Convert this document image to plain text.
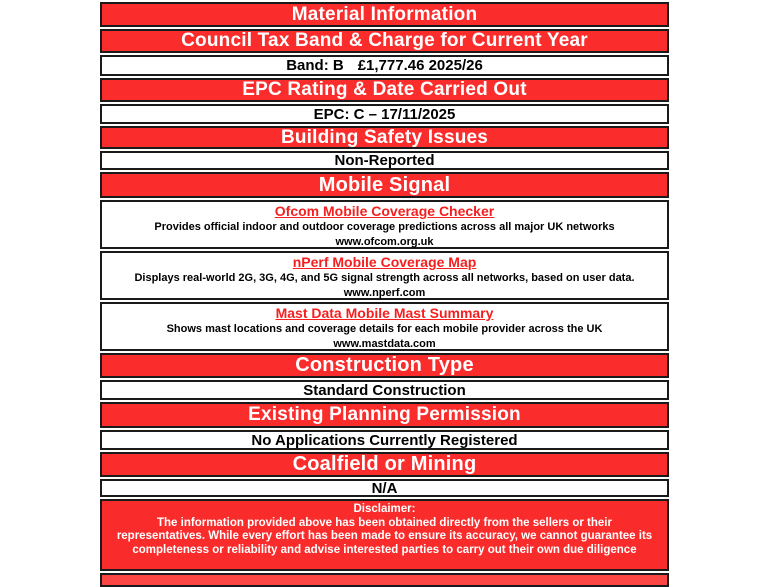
Material Information
Council Tax Band & Charge for Current Year
Band: B £1,777.46 2025/26
EPC Rating & Date Carried Out
EPC: C – 17/11/2025
Building Safety Issues
Non-Reported
Mobile Signal
Ofcom Mobile Coverage Checker
Provides official indoor and outdoor coverage predictions across all major UK networks
www.ofcom.org.uk
nPerf Mobile Coverage Map
Displays real-world 2G, 3G, 4G, and 5G signal strength across all networks, based on user data.
www.nperf.com
Mast Data Mobile Mast Summary
Shows mast locations and coverage details for each mobile provider across the UK
www.mastdata.com
Construction Type
Standard Construction
Existing Planning Permission
No Applications Currently Registered
Coalfield or Mining
N/A
Disclaimer:
The information provided above has been obtained directly from the sellers or their representatives. While every effort has been made to ensure its accuracy, we cannot guarantee its completeness or reliability and advise interested parties to carry out their own due diligence
